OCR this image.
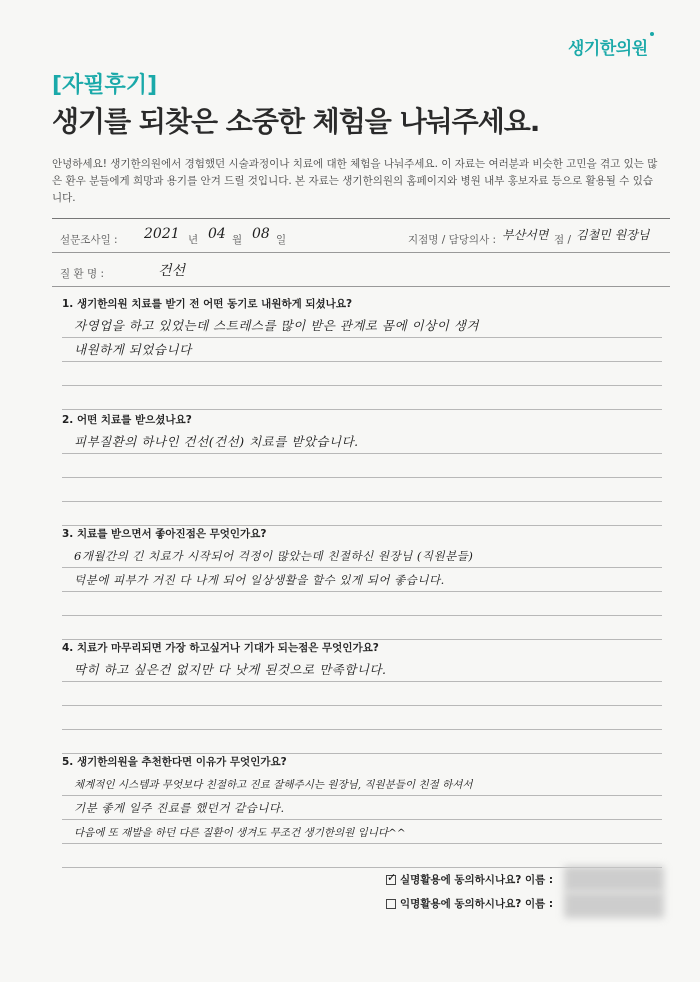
생기한의원
[자필후기]
생기를 되찾은 소중한 체험을 나눠주세요.
안녕하세요! 생기한의원에서 경험했던 시술과정이나 치료에 대한 체험을 나눠주세요. 이 자료는 여러분과 비슷한 고민을 겪고 있는 많은 환우 분들에게 희망과 용기를 안겨 드릴 것입니다. 본 자료는 생기한의원의 홈페이지와 병원 내부 홍보자료 등으로 활용될 수 있습니다.
설문조사일 : 2021 년 04 월 08 일	지점명 / 담당의사 : 부산서면 점 / 김철민 원장님
질 환 명 :	건선
1. 생기한의원 치료를 받기 전 어떤 동기로 내원하게 되셨나요?
자영업을 하고 있었는데 스트레스를 많이 받은 관계로 몸에 이상이 생겨
내원하게 되었습니다
2. 어떤 치료를 받으셨나요?
피부질환의 하나인 건선(건선) 치료를 받았습니다.
3. 치료를 받으면서 좋아진점은 무엇인가요?
6개월간의 긴 치료가 시작되어 걱정이 많았는데 친절하신 원장님 (직원분들)
덕분에 피부가 거진 다 나게 되어 일상생활을 할수 있게 되어 좋습니다.
4. 치료가 마무리되면 가장 하고싶거나 기대가 되는점은 무엇인가요?
딱히 하고 싶은건 없지만 다 낫게 된것으로 만족합니다.
5. 생기한의원을 추천한다면 이유가 무엇인가요?
체계적인 시스템과 무엇보다 친절하고 진료 잘해주시는 원장님, 직원분들이 친절 하셔서
기분 좋게 일주 진료를 했던거 같습니다.
다음에 또 재발을 하던 다른 질환이 생겨도 무조건 생기한의원 입니다^^
✓ 실명활용에 동의하시나요? 이름 :
익명활용에 동의하시나요? 이름 :
